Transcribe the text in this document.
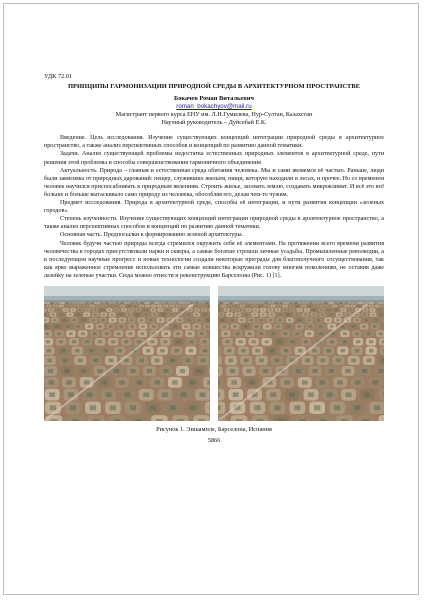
УДК 72.01
ПРИНЦИПЫ ГАРМОНИЗАЦИИ ПРИРОДНОЙ СРЕДЫ В АРХИТЕКТУРНОМ ПРОСТРАНСТВЕ
Бокачев Роман Витальевич
roman_bokachyov@mail.ru
Магистрант первого курса ЕНУ им. Л.Н.Гумилева, Нур-Султан, Казахстан
Научный руководитель – Дуйсебай Е.К.

Введение. Цель исследования. Изучение существующих концепций интеграции природной среды в архитектурное пространство, а также анализ перспективных способов и концепций по развитию данной тематики.

Задачи. Анализ существующей проблемы недостатка естественных природных элементов в архитектурной среде, пути решения этой проблемы и способы совершенствования гармоничного объединения

Актуальность. Природа – главная и естественная среда обитания человека. Мы и сами являемся её частью. Раньше, люди были зависимы от природных дарований: пещер, служивших жильем, пищи, которую находили в лесах, и прочее. Но со временем человек научился приспосабливать к природным явлениям. Строить жилье, засевать землю, создавать микроклимат. И всё это всё больше и больше вытаскивало само природу из человека, обособляя его, делая чем-то чужим.

Предмет исследования. Природа в архитектурной среде, способы её интеграции, и пути развития концепции «зеленых городов».

Степень изученности. Изучение существующих концепций интеграции природной среды в архитектурное пространство, а также анализ перспективных способов и концепций по развитию данной тематики.

Основная часть. Предпосылки к формированию зеленой архитектуры.

Человек будучи частью природы всегда стремился окружить себя её элементами. На протяжении всего времени развития человечества в городах присутствовали парки и скверы, а самые богатые строили личные усадьбы. Промышленные революции, а в последующем научные прогресс и новые технологии создали некоторые преграды для благополучного сосуществования, так как ярко выраженное стремление использовать эти самые новшества вскружили голову многим поколениям, не оставив даже лазейку на зеленые участки. Сюда можно отнести и реконструкцию Барселоны (Рис. 1) [1].

Рисунок 1. Эишампле, Барселона, Испания
5866
